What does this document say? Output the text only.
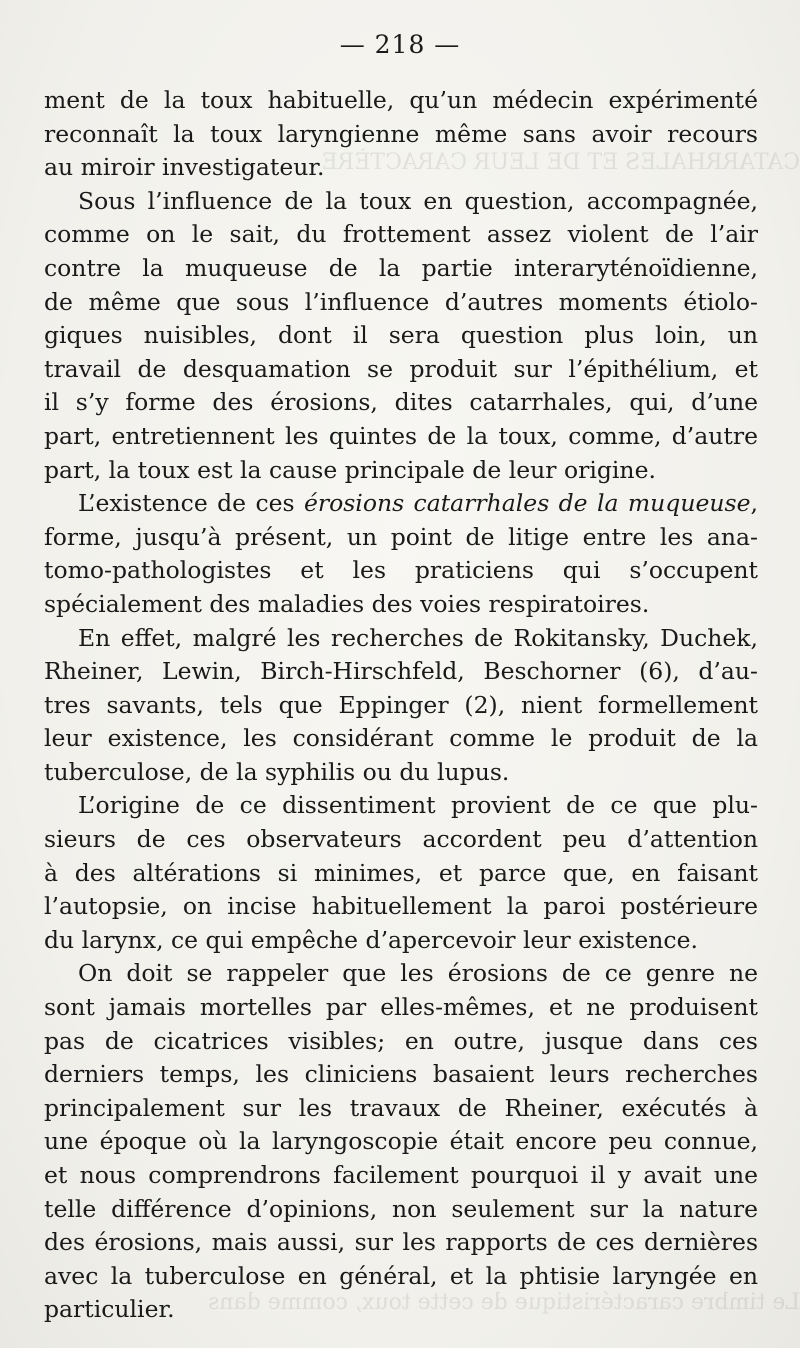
CATARRHALES ET DE LEUR CARACTÈRE
Le timbre caractéristique de cette toux, comme dans
— 218 —
ment de la toux habituelle, qu’un médecin expérimenté
reconnaît la toux laryngienne même sans avoir recours
au miroir investigateur.
Sous l’influence de la toux en question, accompagnée,
comme on le sait, du frottement assez violent de l’air
contre la muqueuse de la partie interaryténoïdienne,
de même que sous l’influence d’autres moments étiolo-
giques nuisibles, dont il sera question plus loin, un
travail de desquamation se produit sur l’épithélium, et
il s’y forme des érosions, dites catarrhales, qui, d’une
part, entretiennent les quintes de la toux, comme, d’autre
part, la toux est la cause principale de leur origine.
L’existence de ces érosions catarrhales de la muqueuse,
forme, jusqu’à présent, un point de litige entre les ana-
tomo-pathologistes et les praticiens qui s’occupent
spécialement des maladies des voies respiratoires.
En effet, malgré les recherches de Rokitansky, Duchek,
Rheiner, Lewin, Birch-Hirschfeld, Beschorner (6), d’au-
tres savants, tels que Eppinger (2), nient formellement
leur existence, les considérant comme le produit de la
tuberculose, de la syphilis ou du lupus.
L’origine de ce dissentiment provient de ce que plu-
sieurs de ces observateurs accordent peu d’attention
à des altérations si minimes, et parce que, en faisant
l’autopsie, on incise habituellement la paroi postérieure
du larynx, ce qui empêche d’apercevoir leur existence.
On doit se rappeler que les érosions de ce genre ne
sont jamais mortelles par elles-mêmes, et ne produisent
pas de cicatrices visibles; en outre, jusque dans ces
derniers temps, les cliniciens basaient leurs recherches
principalement sur les travaux de Rheiner, exécutés à
une époque où la laryngoscopie était encore peu connue,
et nous comprendrons facilement pourquoi il y avait une
telle différence d’opinions, non seulement sur la nature
des érosions, mais aussi, sur les rapports de ces dernières
avec la tuberculose en général, et la phtisie laryngée en
particulier.
